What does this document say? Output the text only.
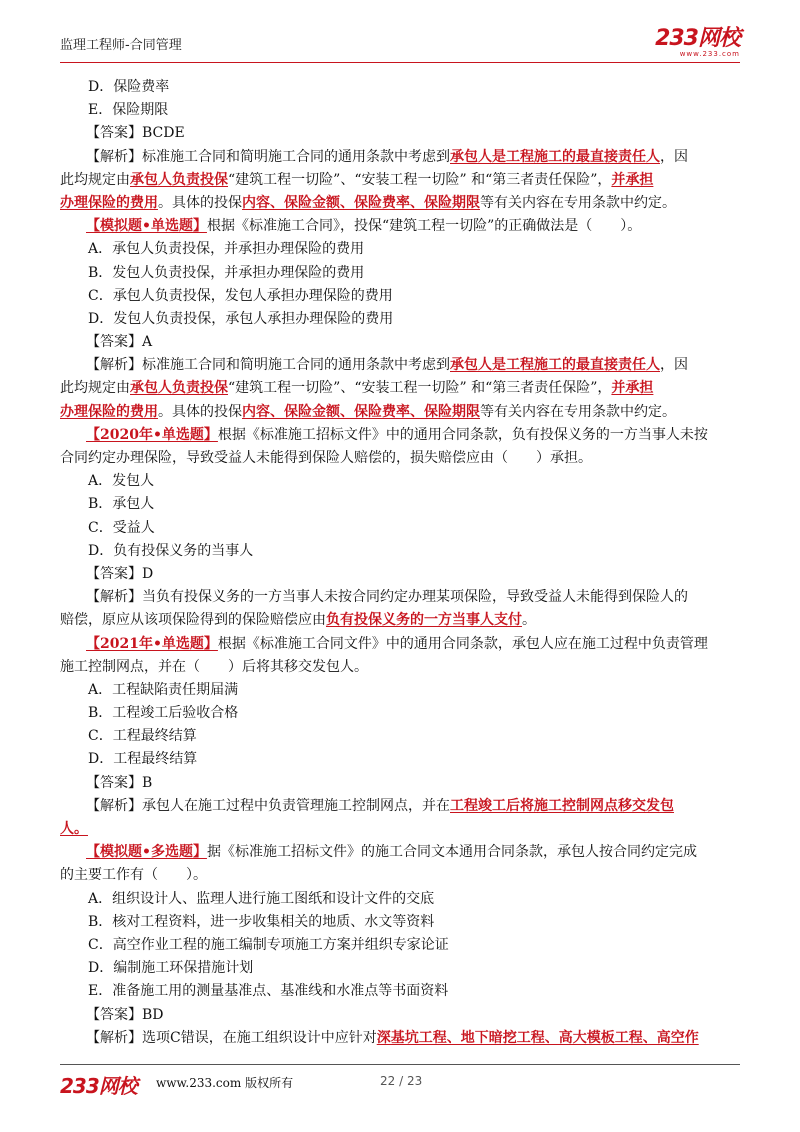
监理工程师-合同管理	233网校
www.233.com
D．保险费率
E．保险期限
【答案】BCDE
【解析】标准施工合同和简明施工合同的通用条款中考虑到承包人是工程施工的最直接责任人，因
此均规定由承包人负责投保“建筑工程一切险”、“安装工程一切险” 和“第三者责任保险”，并承担
办理保险的费用。具体的投保内容、保险金额、保险费率、保险期限等有关内容在专用条款中约定。
【模拟题•单选题】根据《标准施工合同》，投保“建筑工程一切险”的正确做法是（　　）。
A．承包人负责投保，并承担办理保险的费用
B．发包人负责投保，并承担办理保险的费用
C．承包人负责投保，发包人承担办理保险的费用
D．发包人负责投保，承包人承担办理保险的费用
【答案】A
【解析】标准施工合同和简明施工合同的通用条款中考虑到承包人是工程施工的最直接责任人，因
此均规定由承包人负责投保“建筑工程一切险”、“安装工程一切险” 和“第三者责任保险”，并承担
办理保险的费用。具体的投保内容、保险金额、保险费率、保险期限等有关内容在专用条款中约定。
【2020年•单选题】根据《标准施工招标文件》中的通用合同条款，负有投保义务的一方当事人未按
合同约定办理保险，导致受益人未能得到保险人赔偿的，损失赔偿应由（　　）承担。
A．发包人
B．承包人
C．受益人
D．负有投保义务的当事人
【答案】D
【解析】当负有投保义务的一方当事人未按合同约定办理某项保险，导致受益人未能得到保险人的
赔偿，原应从该项保险得到的保险赔偿应由负有投保义务的一方当事人支付。
【2021年•单选题】根据《标准施工合同文件》中的通用合同条款，承包人应在施工过程中负责管理
施工控制网点，并在（　　）后将其移交发包人。
A．工程缺陷责任期届满
B．工程竣工后验收合格
C．工程最终结算
D．工程最终结算
【答案】B
【解析】承包人在施工过程中负责管理施工控制网点，并在工程竣工后将施工控制网点移交发包
人。
【模拟题•多选题】据《标准施工招标文件》的施工合同文本通用合同条款，承包人按合同约定完成
的主要工作有（　　）。
A．组织设计人、监理人进行施工图纸和设计文件的交底
B．核对工程资料，进一步收集相关的地质、水文等资料
C．高空作业工程的施工编制专项施工方案并组织专家论证
D．编制施工环保措施计划
E．准备施工用的测量基准点、基准线和水准点等书面资料
【答案】BD
【解析】选项C错误，在施工组织设计中应针对深基坑工程、地下暗挖工程、高大模板工程、高空作
233网校 www.233.com 版权所有	22 / 23
